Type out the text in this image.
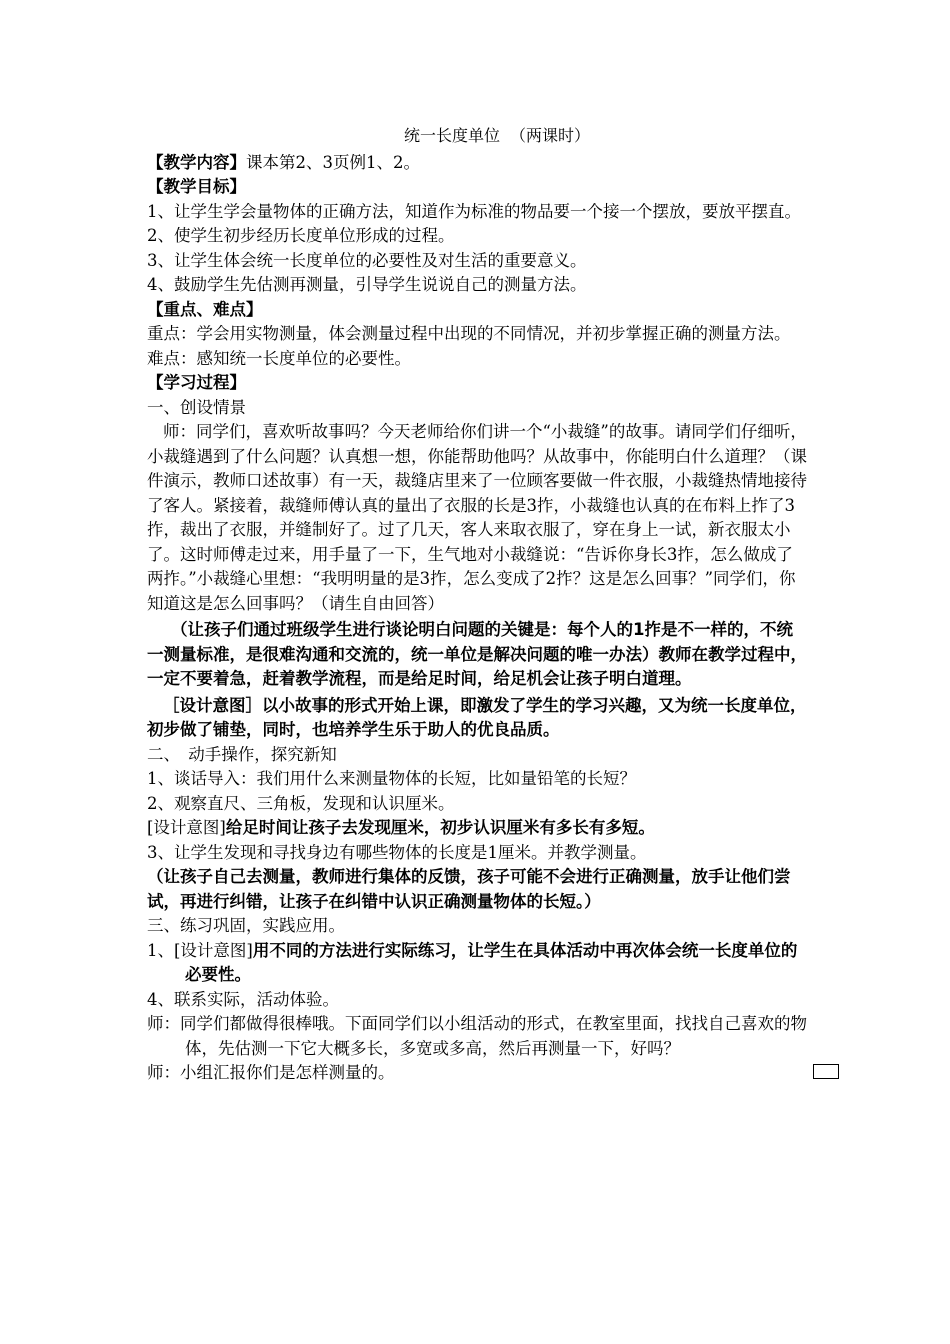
统一长度单位 （两课时）

【教学内容】课本第2、3页例1、2。

【教学目标】

1、让学生学会量物体的正确方法，知道作为标准的物品要一个接一个摆放，要放平摆直。

2、使学生初步经历长度单位形成的过程。

3、让学生体会统一长度单位的必要性及对生活的重要意义。

4、鼓励学生先估测再测量，引导学生说说自己的测量方法。

【重点、难点】

重点：学会用实物测量，体会测量过程中出现的不同情况，并初步掌握正确的测量方法。

难点：感知统一长度单位的必要性。

【学习过程】

一、创设情景

师：同学们，喜欢听故事吗？今天老师给你们讲一个“小裁缝”的故事。请同学们仔细听，小裁缝遇到了什么问题？认真想一想，你能帮助他吗？从故事中，你能明白什么道理？（课件演示，教师口述故事）有一天，裁缝店里来了一位顾客要做一件衣服，小裁缝热情地接待了客人。紧接着，裁缝师傅认真的量出了衣服的长是3拃，小裁缝也认真的在布料上拃了3拃，裁出了衣服，并缝制好了。过了几天，客人来取衣服了，穿在身上一试，新衣服太小了。这时师傅走过来，用手量了一下，生气地对小裁缝说：“告诉你身长3拃，怎么做成了两拃。”小裁缝心里想：“我明明量的是3拃，怎么变成了2拃？这是怎么回事？”同学们，你知道这是怎么回事吗？（请生自由回答）

（让孩子们通过班级学生进行谈论明白问题的关键是：每个人的1拃是不一样的，不统一测量标准，是很难沟通和交流的，统一单位是解决问题的唯一办法）教师在教学过程中，一定不要着急，赶着教学流程，而是给足时间，给足机会让孩子明白道理。

［设计意图］以小故事的形式开始上课，即激发了学生的学习兴趣，又为统一长度单位，初步做了铺垫，同时，也培养学生乐于助人的优良品质。

二、　动手操作，探究新知

1、谈话导入：我们用什么来测量物体的长短，比如量铅笔的长短？

2、观察直尺、三角板，发现和认识厘米。

[设计意图]给足时间让孩子去发现厘米，初步认识厘米有多长有多短。

3、让学生发现和寻找身边有哪些物体的长度是1厘米。并教学测量。

（让孩子自己去测量，教师进行集体的反馈，孩子可能不会进行正确测量，放手让他们尝试，再进行纠错，让孩子在纠错中认识正确测量物体的长短。）

三、练习巩固，实践应用。

1、[设计意图]用不同的方法进行实际练习，让学生在具体活动中再次体会统一长度单位的必要性。

4、联系实际，活动体验。

师：同学们都做得很棒哦。下面同学们以小组活动的形式，在教室里面，找找自己喜欢的物体，先估测一下它大概多长，多宽或多高，然后再测量一下，好吗？

师：小组汇报你们是怎样测量的。
